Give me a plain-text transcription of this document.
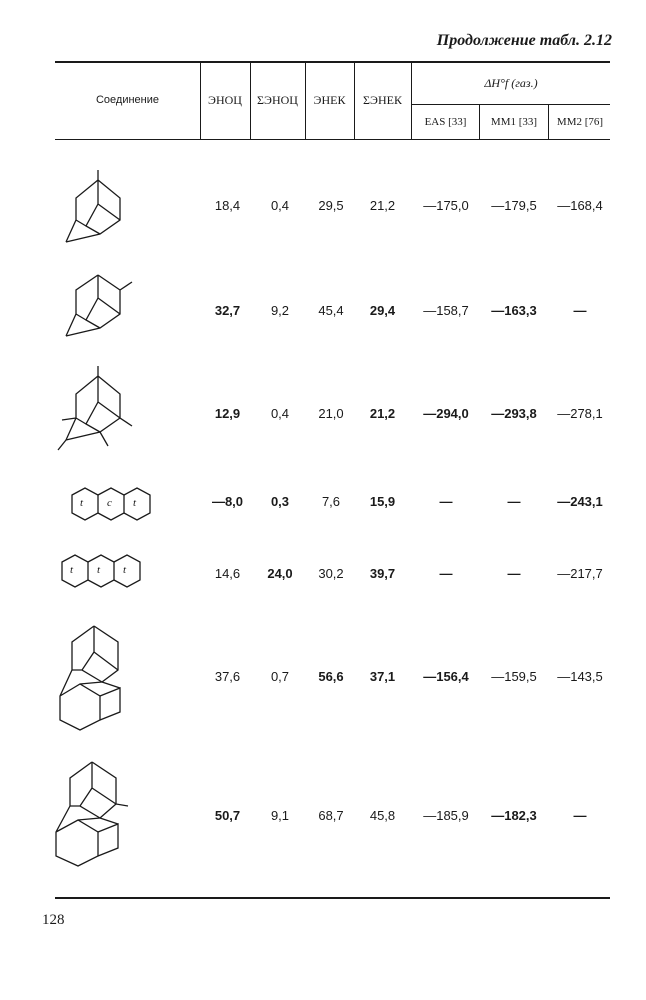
Продолжение табл. 2.12
Соединение	ЭНОЦ	ΣЭНОЦ	ЭНЕК	ΣЭНЕК
ΔH°f (газ.)
EAS [33]	MM1 [33]	MM2 [76]
18,4	0,4	29,5	21,2	—175,0	—179,5	—168,4
32,7	9,2	45,4	29,4	—158,7	—163,3	—
12,9	0,4	21,0	21,2	—294,0	—293,8	—278,1
t c t	—8,0	0,3	7,6	15,9	—	—	—243,1
t t t	14,6	24,0	30,2	39,7	—	—	—217,7
37,6	0,7	56,6	37,1	—156,4	—159,5	—143,5
50,7	9,1	68,7	45,8	—185,9	—182,3	—
128
